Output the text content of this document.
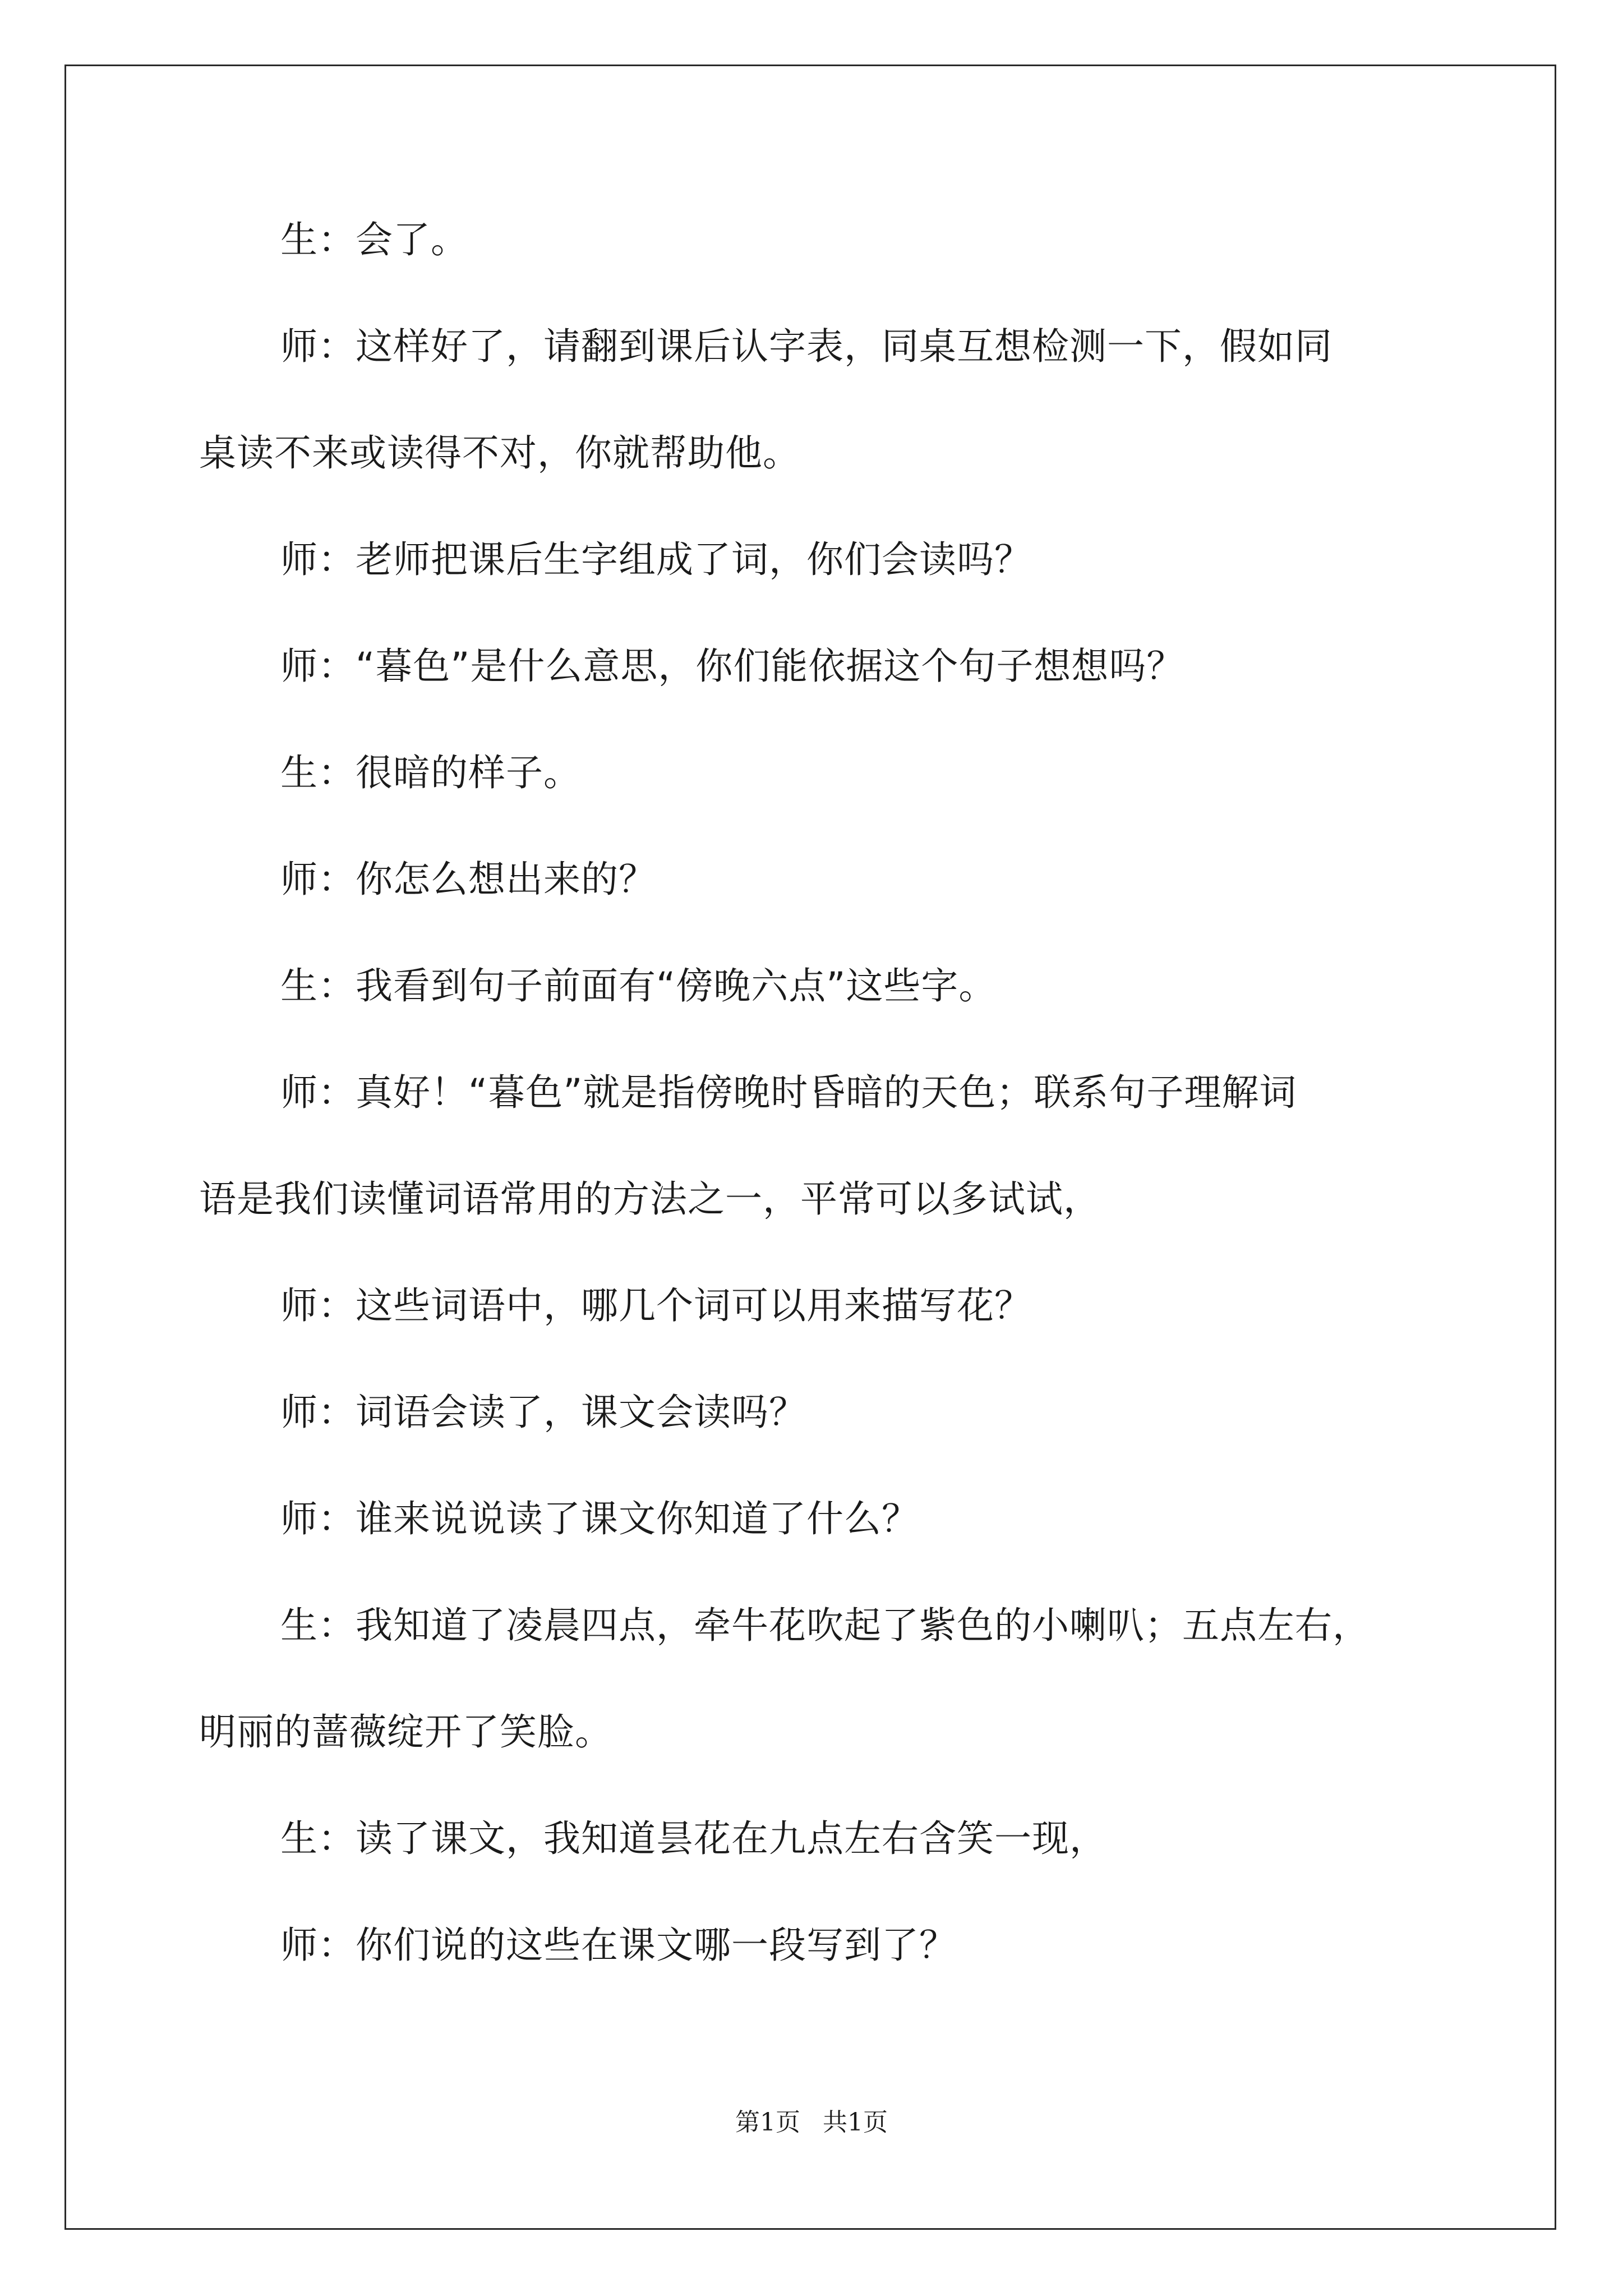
生：会了。

师：这样好了，请翻到课后认字表，同桌互想检测一下，假如同
桌读不来或读得不对，你就帮助他。

师：老师把课后生字组成了词，你们会读吗？

师：“暮色”是什么意思，你们能依据这个句子想想吗？

生：很暗的样子。

师：你怎么想出来的？

生：我看到句子前面有“傍晚六点”这些字。

师：真好！“暮色”就是指傍晚时昏暗的天色；联系句子理解词
语是我们读懂词语常用的方法之一，平常可以多试试，

师：这些词语中，哪几个词可以用来描写花？

师：词语会读了，课文会读吗？

师：谁来说说读了课文你知道了什么？

生：我知道了凌晨四点，牵牛花吹起了紫色的小喇叭；五点左右，
明丽的蔷薇绽开了笑脸。

生：读了课文，我知道昙花在九点左右含笑一现，

师：你们说的这些在课文哪一段写到了？

第1页 共1页
